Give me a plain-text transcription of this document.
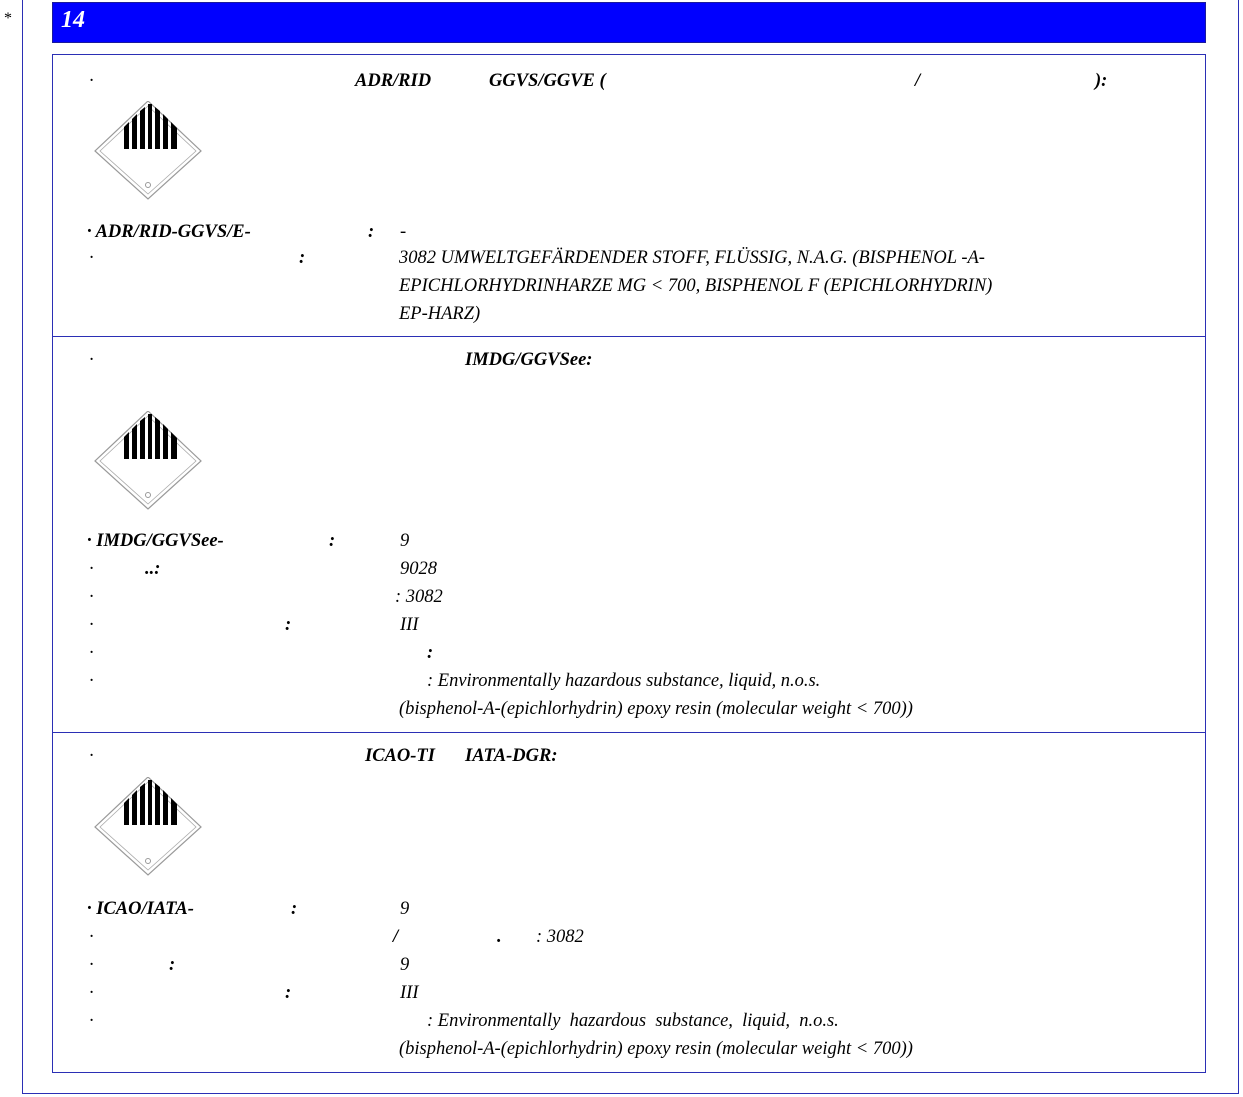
* 14
·	ADR/RID	GGVS/GGVE (	/	):
· ADR/RID-GGVS/E-	: -
·	:	3082 UMWELTGEFÄRDENDER STOFF, FLÜSSIG, N.A.G. (BISPHENOL -A-
EPICHLORHYDRINHARZE MG < 700, BISPHENOL F (EPICHLORHYDRIN)
EP-HARZ)
·	IMDG/GGVSee:
· IMDG/GGVSee-	:	9
·	..:	9028
·	: 3082
·	:	III
·	:
·	: Environmentally hazardous substance, liquid, n.o.s.
(bisphenol-A-(epichlorhydrin) epoxy resin (molecular weight < 700))
·	ICAO-TI IATA-DGR:
· ICAO/IATA-	:	9
·	/	. : 3082
·	:	9
·	:	III
·	: Environmentally  hazardous  substance,  liquid,  n.o.s.
(bisphenol-A-(epichlorhydrin) epoxy resin (molecular weight < 700))
